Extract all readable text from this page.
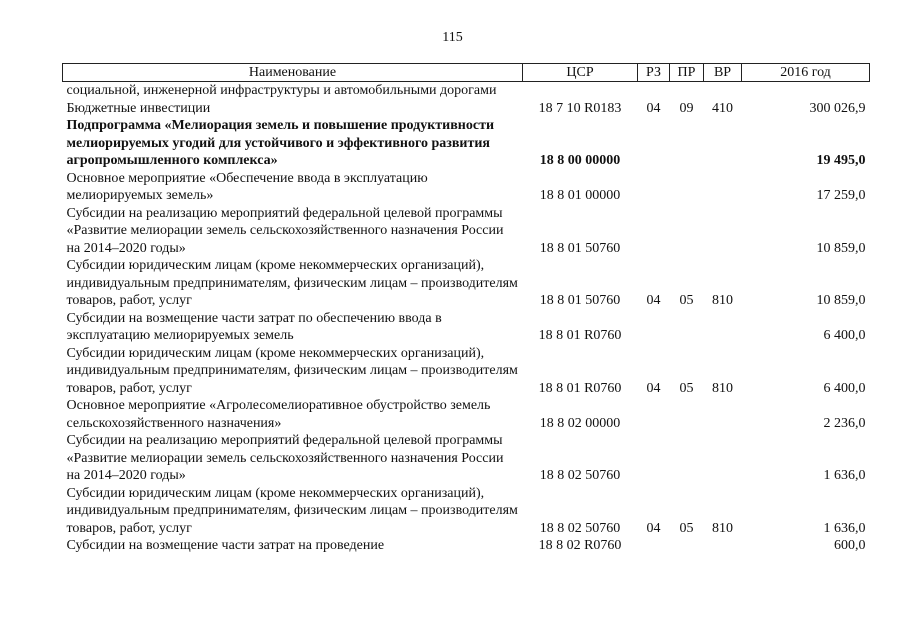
115
Наименование	ЦСР	РЗ	ПР	ВР	2016 год
социальной, инженерной инфраструктуры и автомобильными дорогами					
Бюджетные инвестиции	18 7 10 R0183	04	09	410	300 026,9
Подпрограмма «Мелиорация земель и повышение продуктивности мелиорируемых угодий для устойчивого и эффективного развития агропромышленного комплекса»	18 8 00 00000				19 495,0
Основное мероприятие «Обеспечение ввода в эксплуатацию мелиорируемых земель»	18 8 01 00000				17 259,0
Субсидии на реализацию мероприятий федеральной целевой программы «Развитие мелиорации земель сельскохозяйственного назначения России на 2014–2020 годы»	18 8 01 50760				10 859,0
Субсидии юридическим лицам (кроме некоммерческих организаций), индивидуальным предпринимателям, физическим лицам – производителям товаров, работ, услуг	18 8 01 50760	04	05	810	10 859,0
Субсидии на возмещение части затрат по обеспечению ввода в эксплуатацию мелиорируемых земель	18 8 01 R0760				6 400,0
Субсидии юридическим лицам (кроме некоммерческих организаций), индивидуальным предпринимателям, физическим лицам – производителям товаров, работ, услуг	18 8 01 R0760	04	05	810	6 400,0
Основное мероприятие «Агролесомелиоративное обустройство земель сельскохозяйственного назначения»	18 8 02 00000				2 236,0
Субсидии на реализацию мероприятий федеральной целевой программы «Развитие мелиорации земель сельскохозяйственного назначения России на 2014–2020 годы»	18 8 02 50760				1 636,0
Субсидии юридическим лицам (кроме некоммерческих организаций), индивидуальным предпринимателям, физическим лицам – производителям товаров, работ, услуг	18 8 02 50760	04	05	810	1 636,0
Субсидии на возмещение части затрат на проведение	18 8 02 R0760				600,0
